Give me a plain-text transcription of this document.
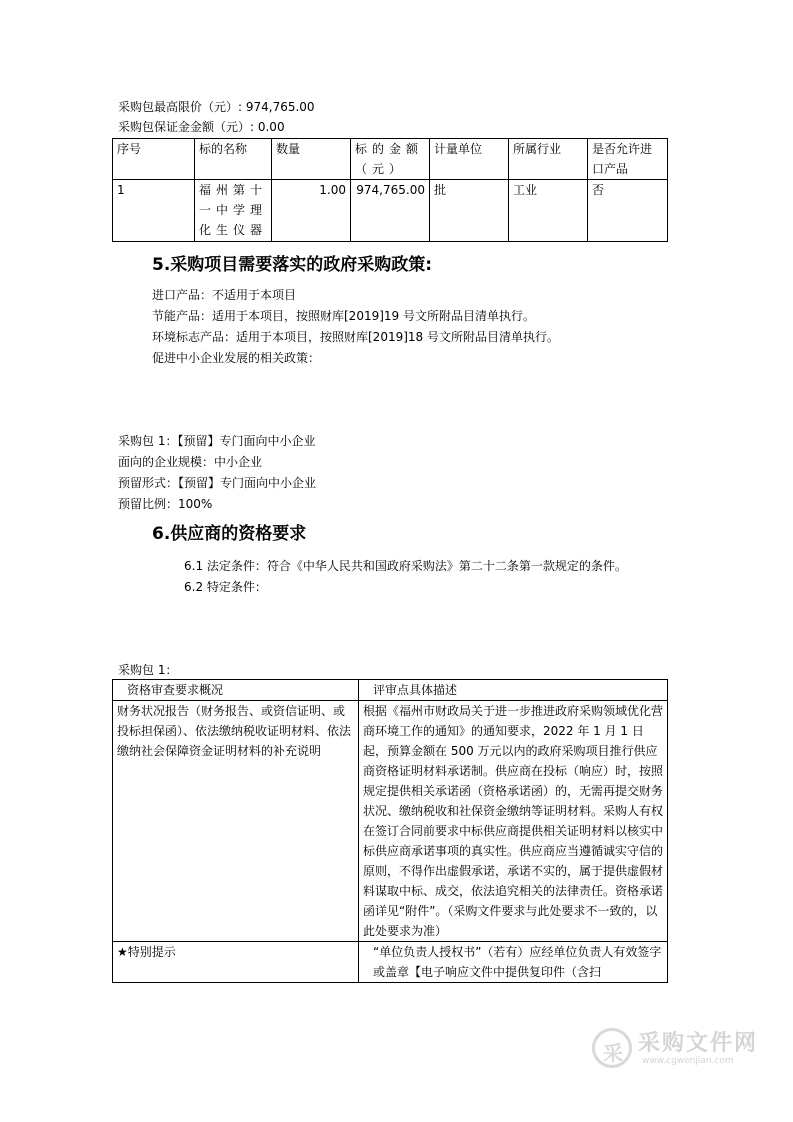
采购包最高限价（元）: 974,765.00
采购包保证金金额（元）: 0.00
序号	标的名称	数量	标的金额（元）	计量单位	所属行业	是否允许进口产品
1	福州第十一中学理化生仪器	1.00	974,765.00	批	工业	否
5.采购项目需要落实的政府采购政策:
进口产品：不适用于本项目
节能产品：适用于本项目，按照财库[2019]19 号文所附品目清单执行。
环境标志产品：适用于本项目，按照财库[2019]18 号文所附品目清单执行。
促进中小企业发展的相关政策：
采购包 1：【预留】专门面向中小企业
面向的企业规模：中小企业
预留形式：【预留】专门面向中小企业
预留比例：100%
6.供应商的资格要求
6.1 法定条件：符合《中华人民共和国政府采购法》第二十二条第一款规定的条件。
6.2 特定条件：
采购包 1：
资格审查要求概况	评审点具体描述
财务状况报告（财务报告、或资信证明、或投标担保函）、依法缴纳税收证明材料、依法缴纳社会保障资金证明材料的补充说明	根据《福州市财政局关于进一步推进政府采购领域优化营商环境工作的通知》的通知要求，2022 年 1 月 1 日起，预算金额在 500 万元以内的政府采购项目推行供应商资格证明材料承诺制。供应商在投标（响应）时，按照规定提供相关承诺函（资格承诺函）的，无需再提交财务状况、缴纳税收和社保资金缴纳等证明材料。采购人有权在签订合同前要求中标供应商提供相关证明材料以核实中标供应商承诺事项的真实性。供应商应当遵循诚实守信的原则，不得作出虚假承诺，承诺不实的，属于提供虚假材料谋取中标、成交，依法追究相关的法律责任。资格承诺函详见“附件”。（采购文件要求与此处要求不一致的，以此处要求为准）
★特别提示	“单位负责人授权书”（若有）应经单位负责人有效签字或盖章【电子响应文件中提供复印件（含扫
采 采购文件网
www.cgwenjian.com
